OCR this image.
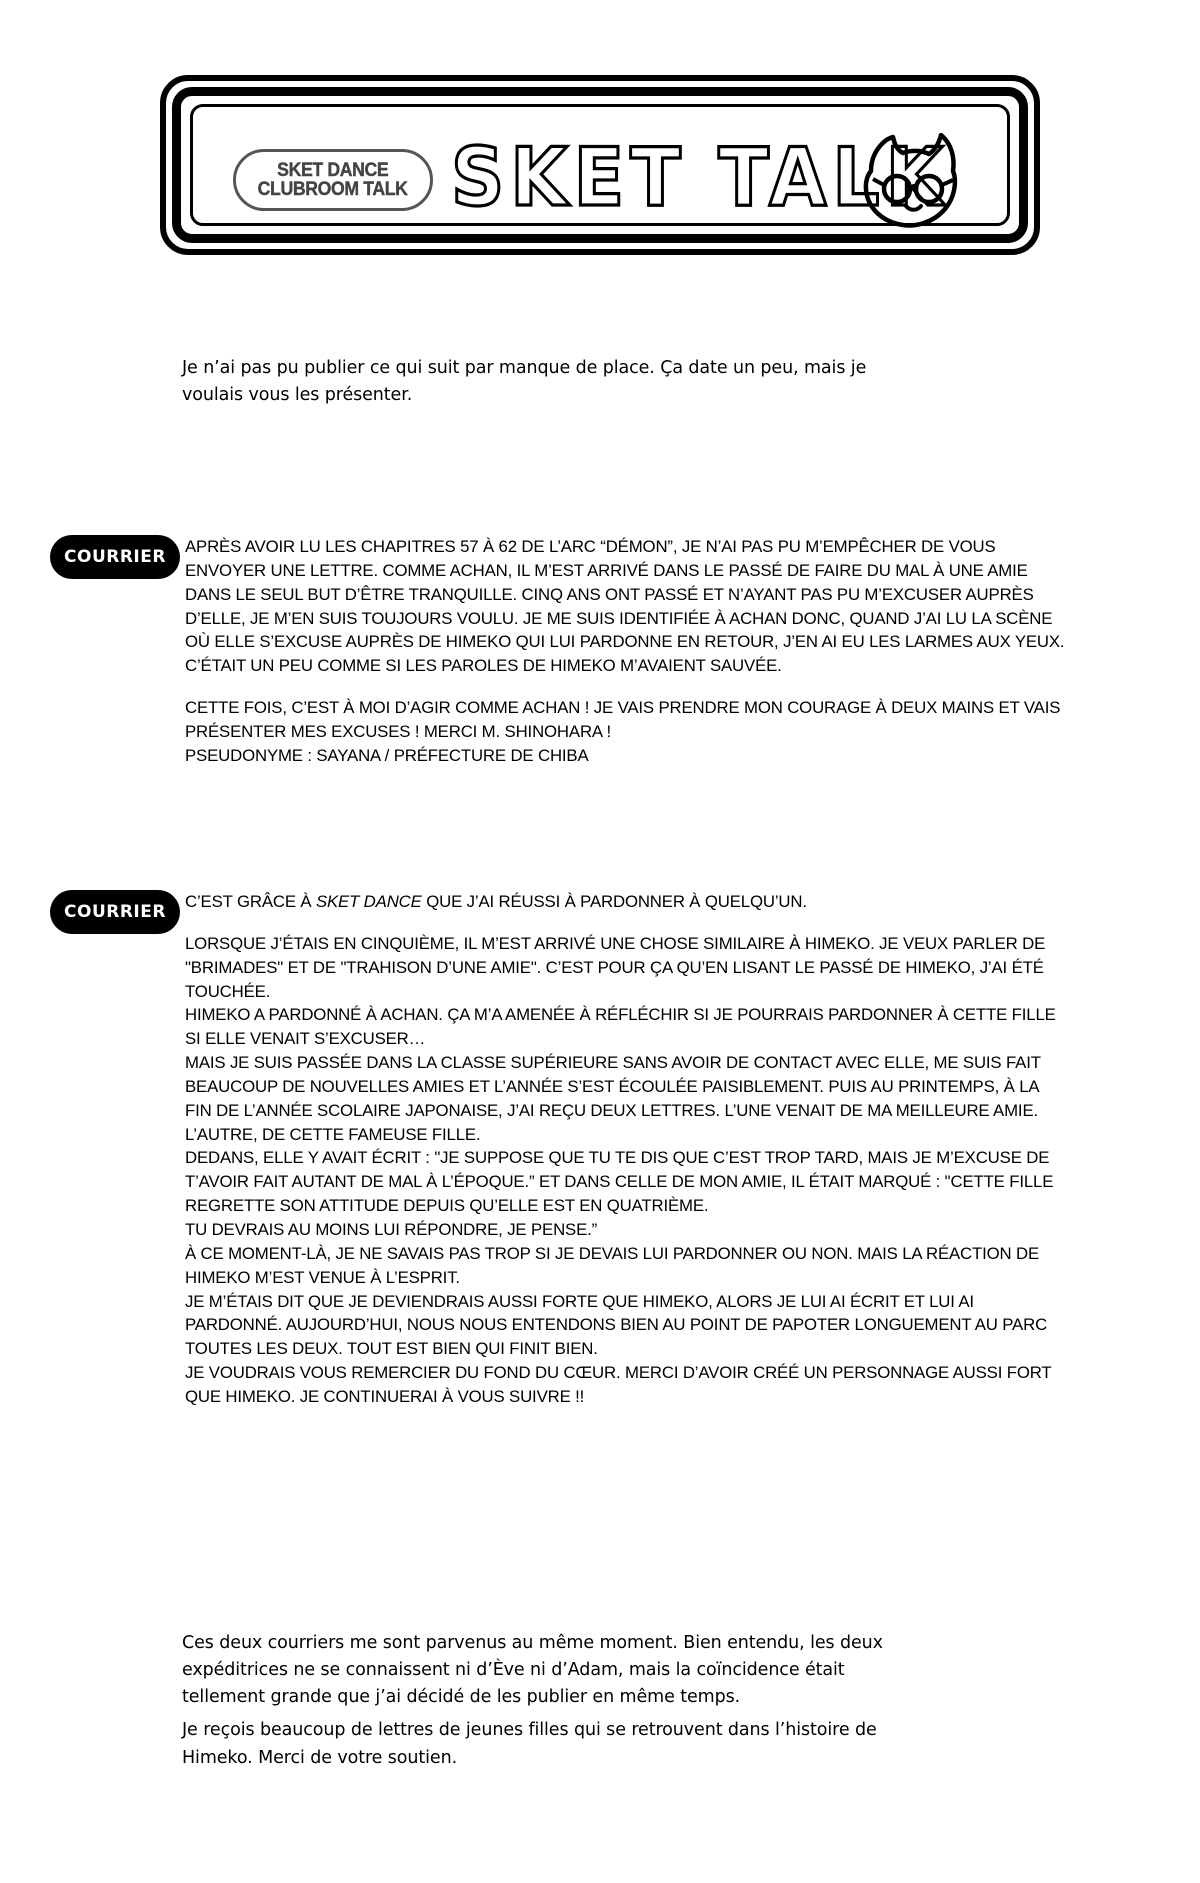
SKET DANCE
CLUBROOM TALK SKET TALK
Je n’ai pas pu publier ce qui suit par manque de place. Ça date un peu, mais je voulais vous les présenter.
COURRIER

APRÈS AVOIR LU LES CHAPITRES 57 À 62 DE L’ARC “DÉMON”, JE N’AI PAS PU M’EMPÊCHER DE VOUS ENVOYER UNE LETTRE. COMME ACHAN, IL M’EST ARRIVÉ DANS LE PASSÉ DE FAIRE DU MAL À UNE AMIE DANS LE SEUL BUT D’ÊTRE TRANQUILLE. CINQ ANS ONT PASSÉ ET N’AYANT PAS PU M’EXCUSER AUPRÈS D’ELLE, JE M’EN SUIS TOUJOURS VOULU. JE ME SUIS IDENTIFIÉE À ACHAN DONC, QUAND J’AI LU LA SCÈNE OÙ ELLE S’EXCUSE AUPRÈS DE HIMEKO QUI LUI PARDONNE EN RETOUR, J’EN AI EU LES LARMES AUX YEUX. C’ÉTAIT UN PEU COMME SI LES PAROLES DE HIMEKO M’AVAIENT SAUVÉE.

CETTE FOIS, C’EST À MOI D’AGIR COMME ACHAN ! JE VAIS PRENDRE MON COURAGE À DEUX MAINS ET VAIS PRÉSENTER MES EXCUSES ! MERCI M. SHINOHARA !

PSEUDONYME : SAYANA / PRÉFECTURE DE CHIBA

COURRIER

C’EST GRÂCE À SKET DANCE QUE J’AI RÉUSSI À PARDONNER À QUELQU’UN.

LORSQUE J’ÉTAIS EN CINQUIÈME, IL M’EST ARRIVÉ UNE CHOSE SIMILAIRE À HIMEKO. JE VEUX PARLER DE "BRIMADES" ET DE "TRAHISON D’UNE AMIE". C’EST POUR ÇA QU’EN LISANT LE PASSÉ DE HIMEKO, J’AI ÉTÉ TOUCHÉE.

HIMEKO A PARDONNÉ À ACHAN. ÇA M’A AMENÉE À RÉFLÉCHIR SI JE POURRAIS PARDONNER À CETTE FILLE SI ELLE VENAIT S’EXCUSER…

MAIS JE SUIS PASSÉE DANS LA CLASSE SUPÉRIEURE SANS AVOIR DE CONTACT AVEC ELLE, ME SUIS FAIT BEAUCOUP DE NOUVELLES AMIES ET L’ANNÉE S’EST ÉCOULÉE PAISIBLEMENT. PUIS AU PRINTEMPS, À LA FIN DE L’ANNÉE SCOLAIRE JAPONAISE, J’AI REÇU DEUX LETTRES. L’UNE VENAIT DE MA MEILLEURE AMIE. L’AUTRE, DE CETTE FAMEUSE FILLE.

DEDANS, ELLE Y AVAIT ÉCRIT : "JE SUPPOSE QUE TU TE DIS QUE C’EST TROP TARD, MAIS JE M’EXCUSE DE T’AVOIR FAIT AUTANT DE MAL À L’ÉPOQUE.” ET DANS CELLE DE MON AMIE, IL ÉTAIT MARQUÉ : "CETTE FILLE REGRETTE SON ATTITUDE DEPUIS QU’ELLE EST EN QUATRIÈME.

TU DEVRAIS AU MOINS LUI RÉPONDRE, JE PENSE.”

À CE MOMENT-LÀ, JE NE SAVAIS PAS TROP SI JE DEVAIS LUI PARDONNER OU NON. MAIS LA RÉACTION DE HIMEKO M’EST VENUE À L’ESPRIT.

JE M’ÉTAIS DIT QUE JE DEVIENDRAIS AUSSI FORTE QUE HIMEKO, ALORS JE LUI AI ÉCRIT ET LUI AI PARDONNÉ. AUJOURD’HUI, NOUS NOUS ENTENDONS BIEN AU POINT DE PAPOTER LONGUEMENT AU PARC TOUTES LES DEUX. TOUT EST BIEN QUI FINIT BIEN.

JE VOUDRAIS VOUS REMERCIER DU FOND DU CŒUR. MERCI D’AVOIR CRÉÉ UN PERSONNAGE AUSSI FORT QUE HIMEKO. JE CONTINUERAI À VOUS SUIVRE !!

Ces deux courriers me sont parvenus au même moment. Bien entendu, les deux expéditrices ne se connaissent ni d’Ève ni d’Adam, mais la coïncidence était tellement grande que j’ai décidé de les publier en même temps.

Je reçois beaucoup de lettres de jeunes filles qui se retrouvent dans l’histoire de Himeko. Merci de votre soutien.
